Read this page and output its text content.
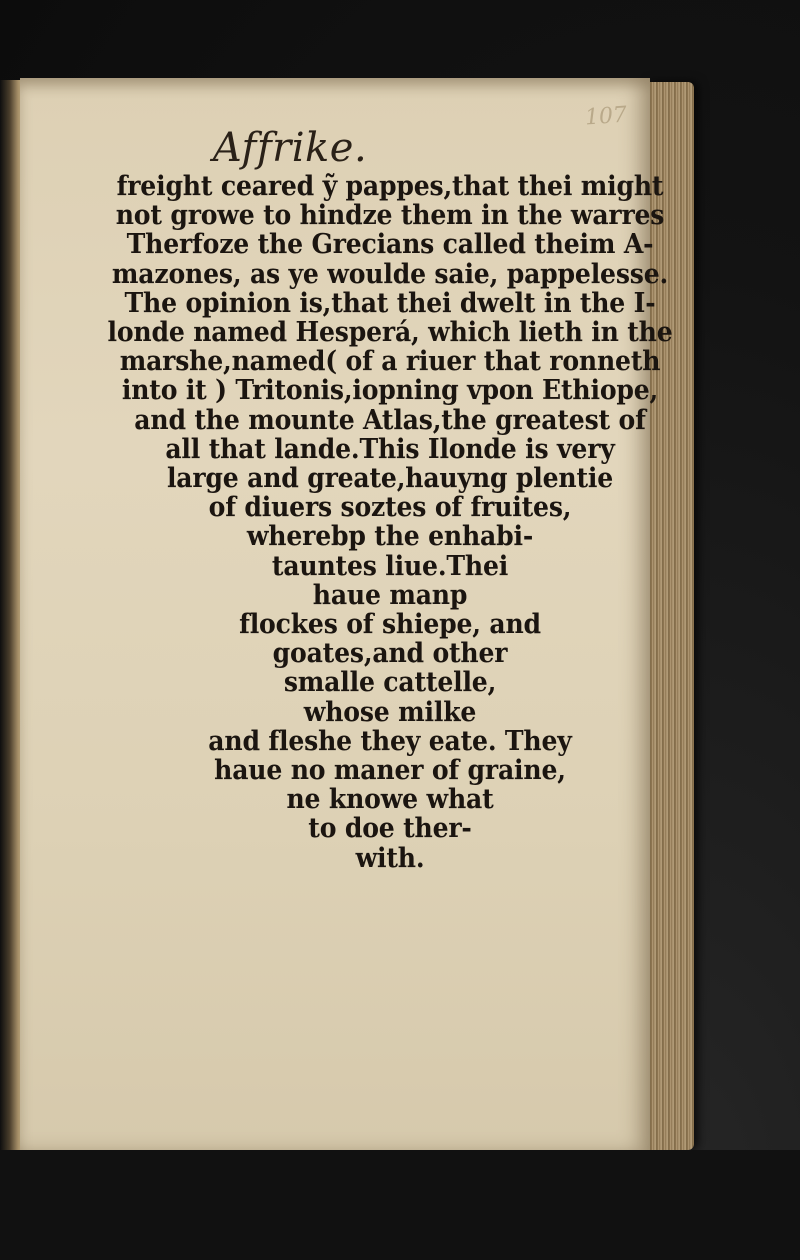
107
Affrike.
freight ceared ỹ pappes,that thei might
not growe to hindze them in the warres
Therfoze the Grecians called theim A-
mazones, as ye woulde saie, pappelesse.
The opinion is,that thei dwelt in the I-
londe named Hesperá, which lieth in the
marshe,named( of a riuer that ronneth
into it ) Tritonis,iopning vpon Ethiope,
and the mounte Atlas,the greatest of
all that lande.This Ilonde is very
large and greate,hauyng plentie
of diuers soztes of fruites,
wherebp the enhabi-
tauntes liue.Thei
haue manp
flockes of shiepe, and
goates,and other
smalle cattelle,
whose milke
and fleshe they eate. They
haue no maner of graine,
ne knowe what
to doe ther-
with.
